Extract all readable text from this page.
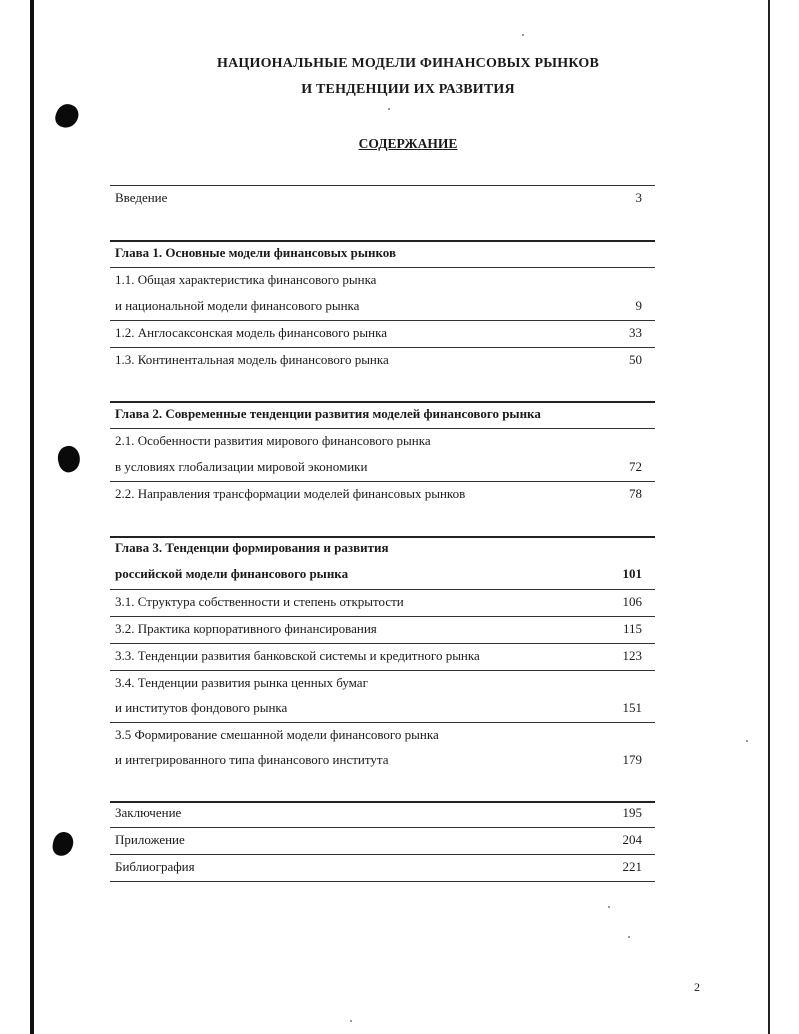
НАЦИОНАЛЬНЫЕ МОДЕЛИ ФИНАНСОВЫХ РЫНКОВ
И ТЕНДЕНЦИИ ИХ РАЗВИТИЯ
СОДЕРЖАНИЕ
Введение	3
Глава 1. Основные модели финансовых рынков
1.1. Общая характеристика финансового рынка
и национальной модели финансового рынка	9
1.2. Англосаксонская модель финансового рынка	33
1.3. Континентальная модель финансового рынка	50
Глава 2. Современные тенденции развития моделей финансового рынка
2.1. Особенности развития мирового финансового рынка
в условиях глобализации мировой экономики	72
2.2. Направления трансформации моделей финансовых рынков	78
Глава 3. Тенденции формирования и развития
российской модели финансового рынка	101
3.1. Структура собственности и степень открытости	106
3.2. Практика корпоративного финансирования	115
3.3. Тенденции развития банковской системы и кредитного рынка	123
3.4. Тенденции развития рынка ценных бумаг
и институтов фондового рынка	151
3.5 Формирование смешанной модели финансового рынка
и интегрированного типа финансового института	179
Заключение	195
Приложение	204
Библиография	221
2
